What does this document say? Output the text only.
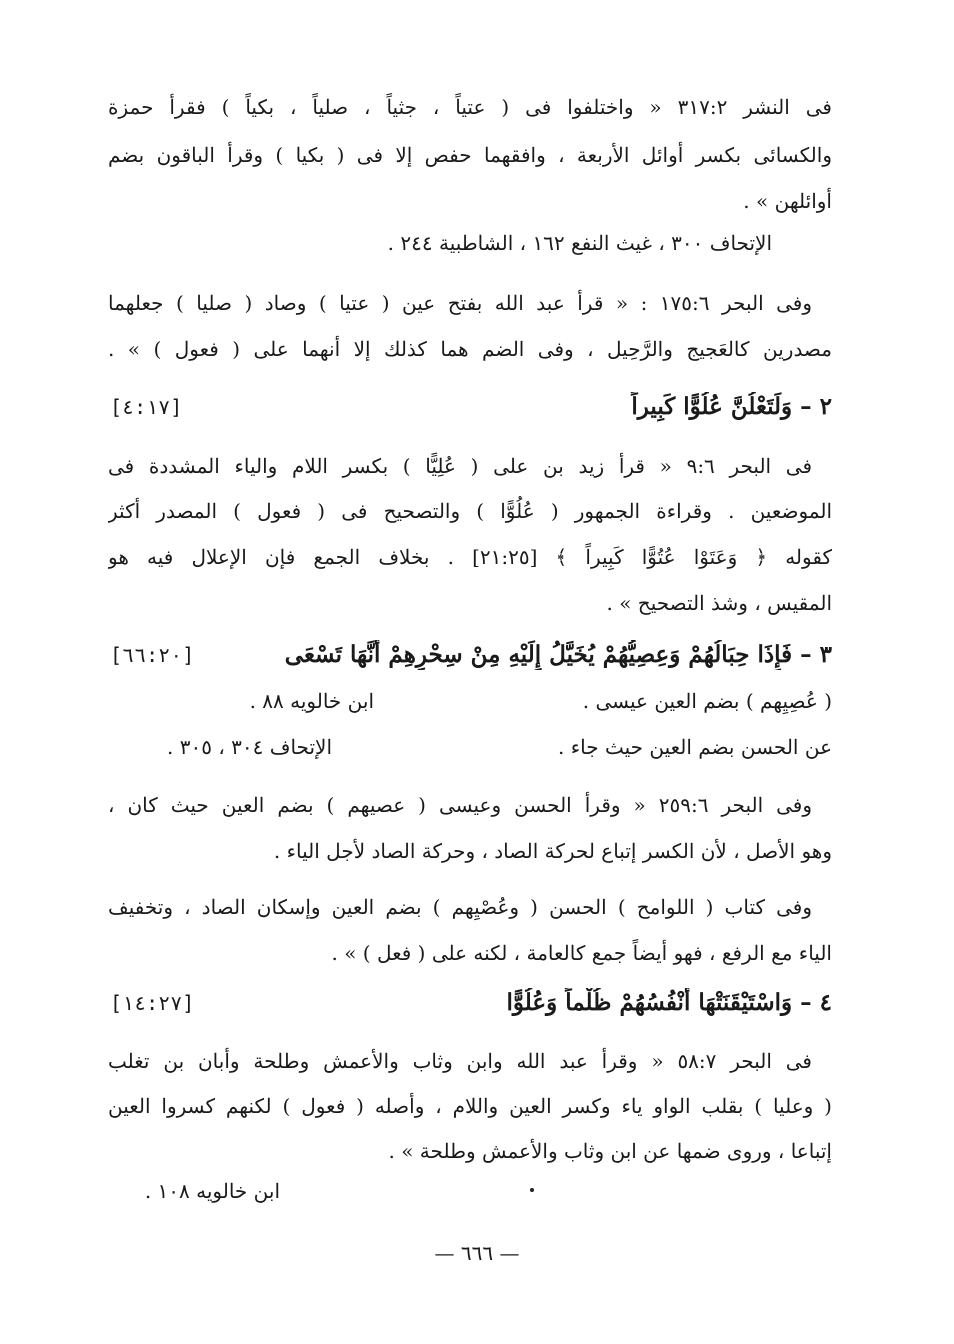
فى النشر ٣١٧:٢ « واختلفوا فى ( عتياً ، جثياً ، صلياً ، بكياً ) فقرأ حمزة
والكسائى بكسر أوائل الأربعة ، وافقهما حفص إلا فى ( بكيا ) وقرأ الباقون بضم
أوائلهن » .
الإتحاف ٣٠٠ ، غيث النفع ١٦٢ ، الشاطبية ٢٤٤ .
وفى البحر ١٧٥:٦ : « قرأ عبد الله بفتح عين ( عتيا ) وصاد ( صليا ) جعلهما
مصدرين كالعَجيج والرَّحِيل ، وفى الضم هما كذلك إلا أنهما على ( فعول ) » .
٢ – وَلَتَعْلُنَّ عُلُوًّا كَبِيراً
[٤:١٧]
فى البحر ٩:٦ « قرأ زيد بن على ( عُلِيًّا ) بكسر اللام والياء المشددة فى
الموضعين . وقراءة الجمهور ( عُلُوًّا ) والتصحيح فى ( فعول ) المصدر أكثر
كقوله ﴿ وَعَتَوْا عُتُوًّا كَبِيراً ﴾ [٢١:٢٥] . بخلاف الجمع فإن الإعلال فيه هو
المقيس ، وشذ التصحيح » .
٣ – فَإِذَا حِبَالُهُمْ وَعِصِيُّهُمْ يُخَيَّلُ إِلَيْهِ مِنْ سِحْرِهِمْ أَنَّهَا تَسْعَى
[٦٦:٢٠]
( عُصِيِهم ) بضم العين عيسى .
ابن خالويه ٨٨ .
عن الحسن بضم العين حيث جاء .
الإتحاف ٣٠٤ ، ٣٠٥ .
وفى البحر ٢٥٩:٦ « وقرأ الحسن وعيسى ( عصيهم ) بضم العين حيث كان ،
وهو الأصل ، لأن الكسر إتباع لحركة الصاد ، وحركة الصاد لأجل الياء .
وفى كتاب ( اللوامح ) الحسن ( وعُصْيِهم ) بضم العين وإسكان الصاد ، وتخفيف
الياء مع الرفع ، فهو أيضاً جمع كالعامة ، لكنه على ( فعل ) » .
٤ – وَاسْتَيْقَنَتْهَا أَنْفُسُهُمْ ظُلْماً وَعُلُوًّا
[١٤:٢٧]
فى البحر ٥٨:٧ « وقرأ عبد الله وابن وثاب والأعمش وطلحة وأبان بن تغلب
( وعليا ) بقلب الواو ياء وكسر العين واللام ، وأصله ( فعول ) لكنهم كسروا العين
إتباعا ، وروى ضمها عن ابن وثاب والأعمش وطلحة » .
ابن خالويه ١٠٨ .
— ٦٦٦ —
